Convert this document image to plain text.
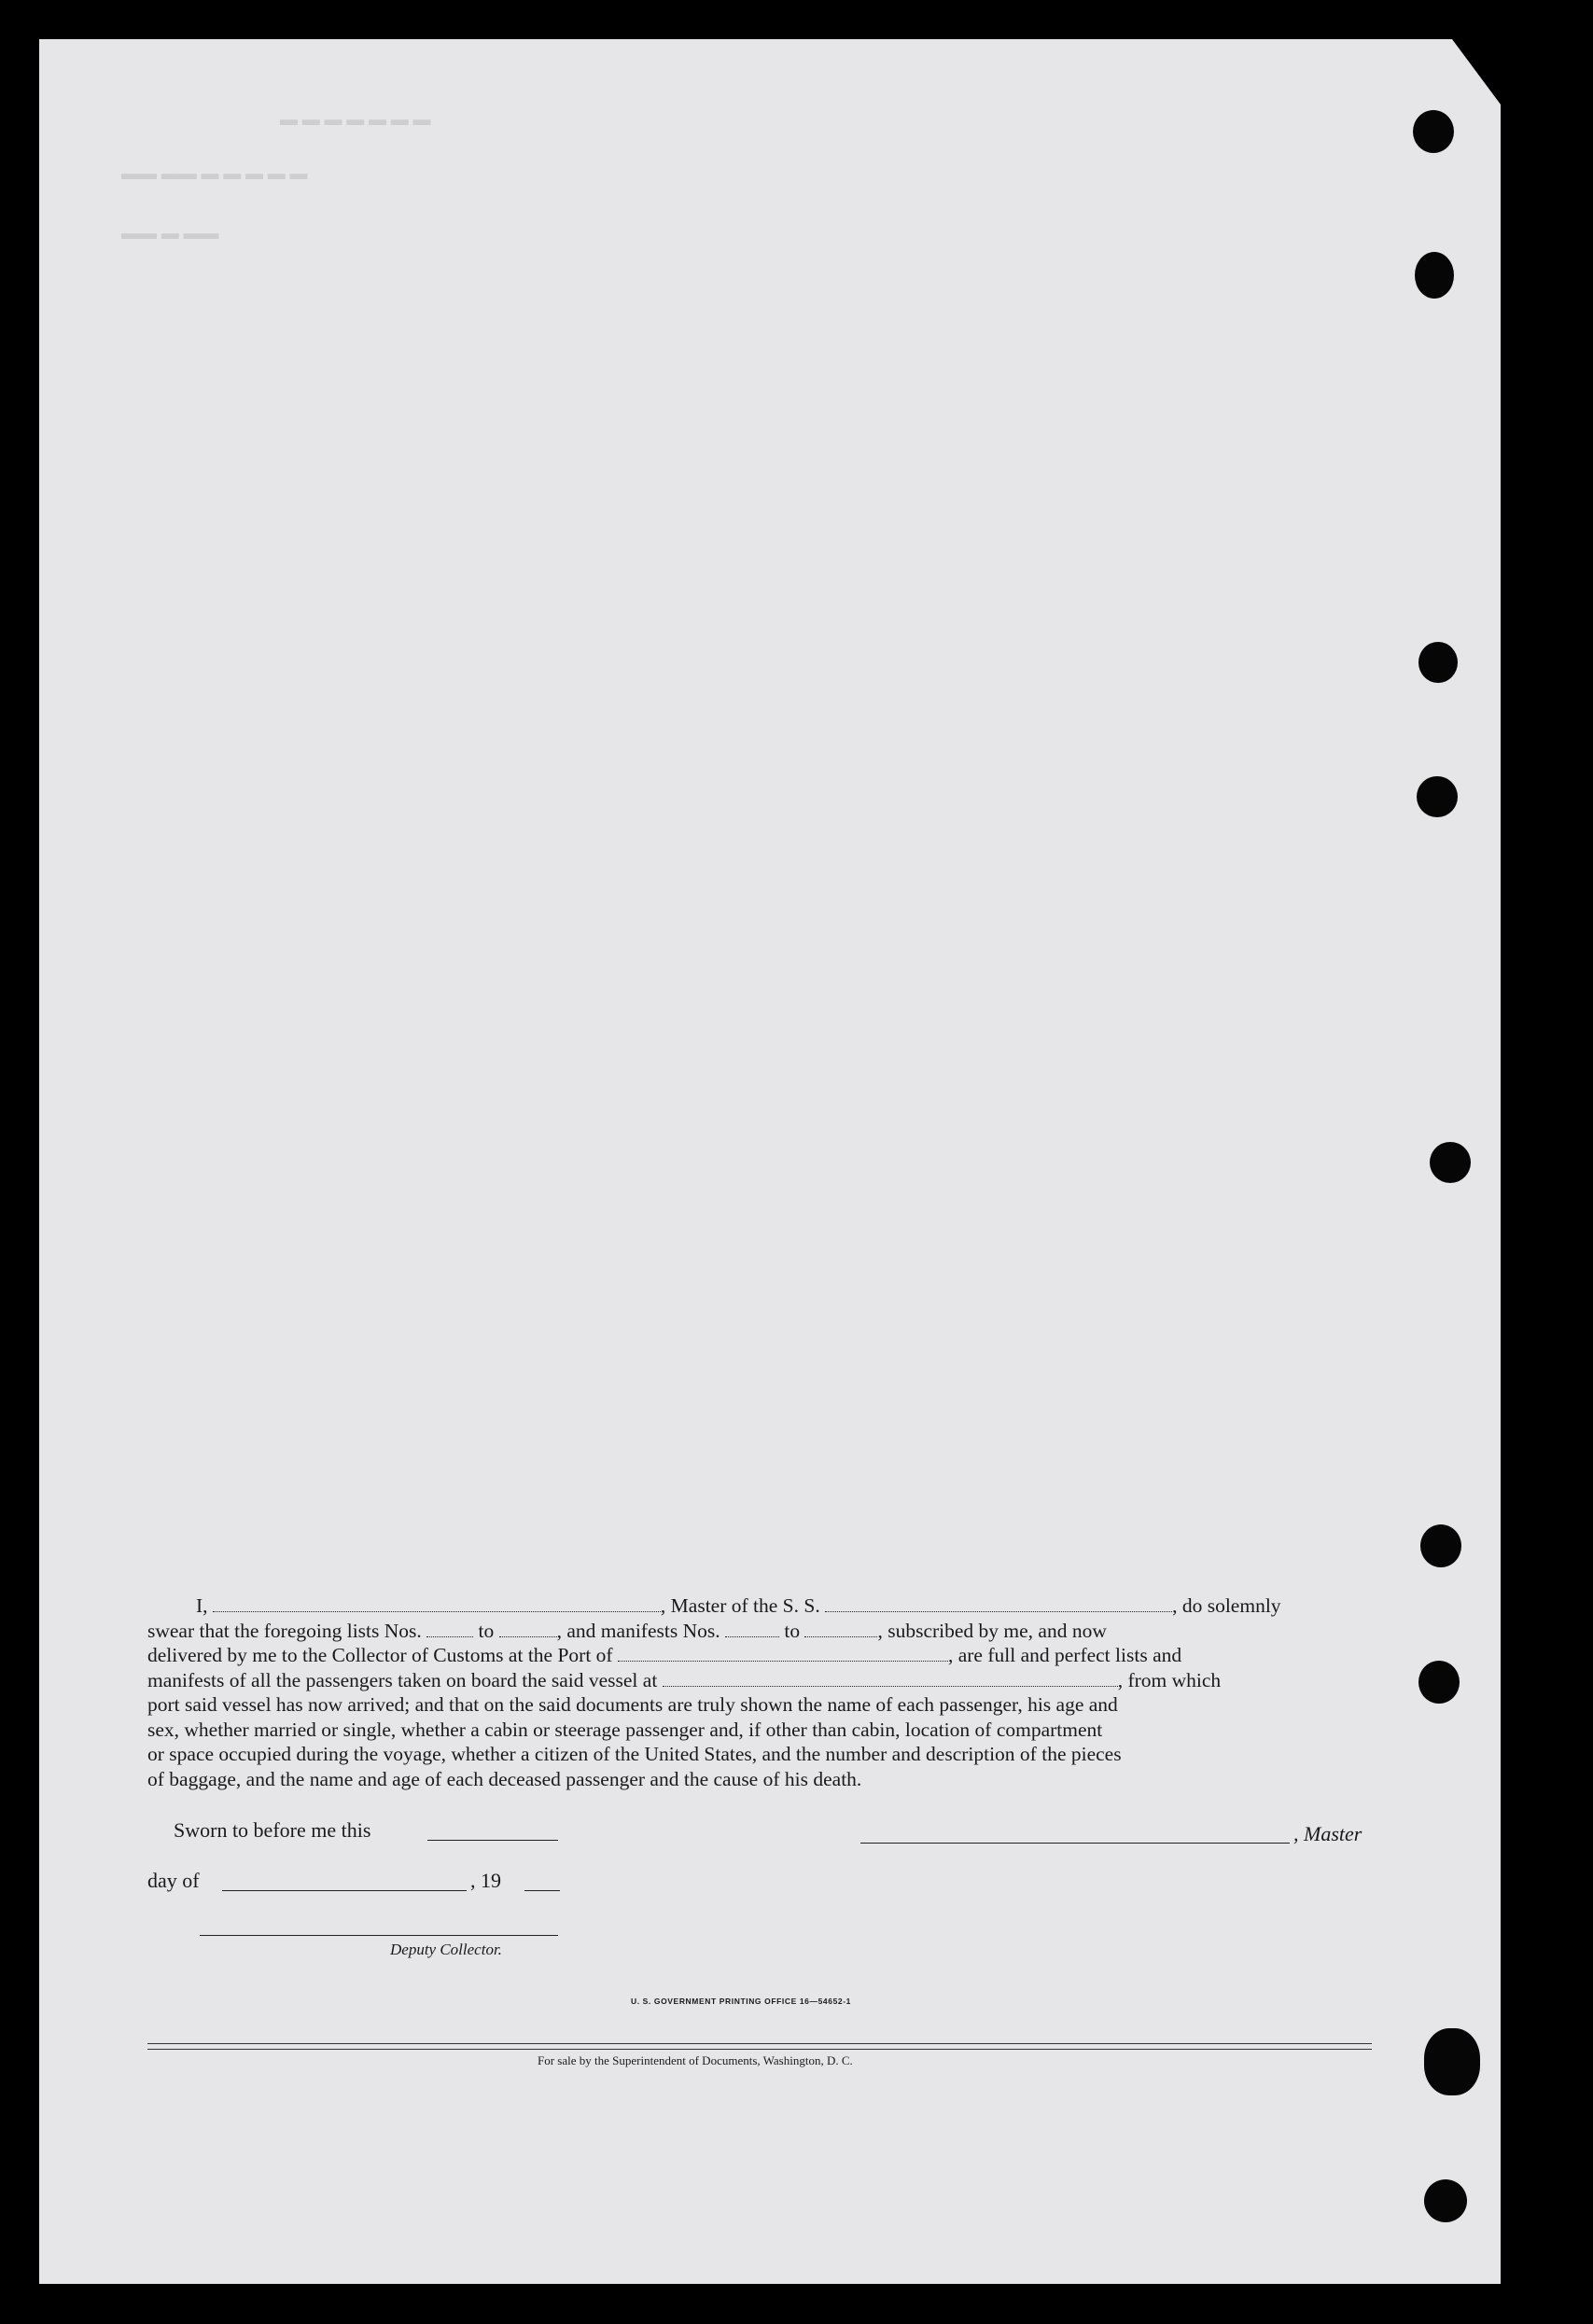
▬ ▬ ▬ ▬ ▬ ▬ ▬
▬▬ ▬▬ ▬ ▬ ▬ ▬ ▬
▬▬ ▬ ▬▬

I,	, Master of the S. S.	, do solemnly

swear that the foregoing lists Nos.	to	, and manifests Nos.	to	, subscribed by me, and now

delivered by me to the Collector of Customs at the Port of	, are full and perfect lists and

manifests of all the passengers taken on board the said vessel at	, from which

port said vessel has now arrived; and that on the said documents are truly shown the name of each passenger, his age and

sex, whether married or single, whether a cabin or steerage passenger and, if other than cabin, location of compartment

or space occupied during the voyage, whether a citizen of the United States, and the number and description of the pieces

of baggage, and the name and age of each deceased passenger and the cause of his death.

Sworn to before me this	, Master
day of	, 19
Deputy Collector.
U. S. GOVERNMENT PRINTING OFFICE 16—54652-1
For sale by the Superintendent of Documents, Washington, D. C.
